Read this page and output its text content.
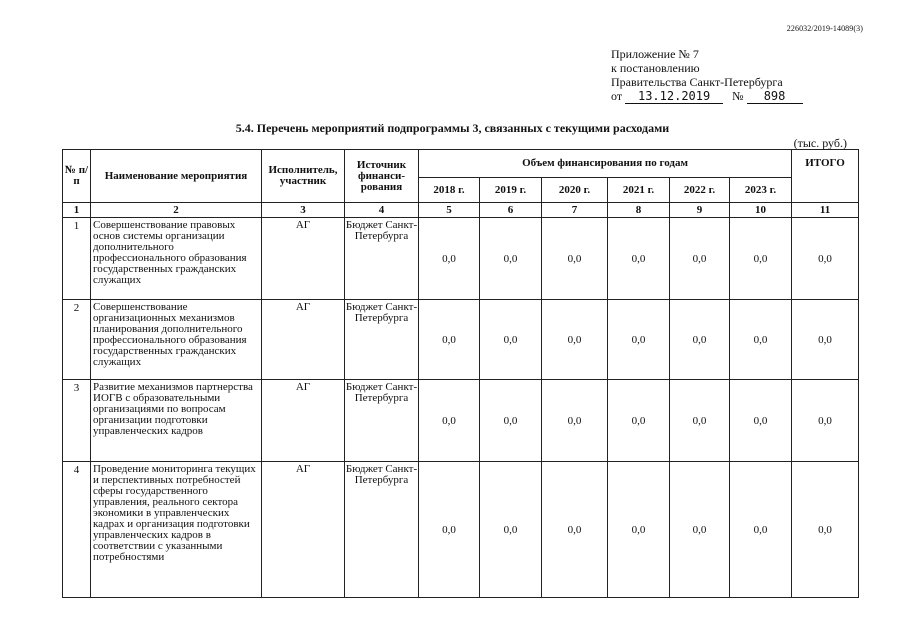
226032/2019-14089(3)
Приложение № 7
к постановлению
Правительства Санкт-Петербурга
от 13.12.2019 № 898
5.4. Перечень мероприятий подпрограммы 3, связанных с текущими расходами
(тыс. руб.)
№ п/п	Наименование мероприятия	Исполнитель, участник	Источник финанси-рования	Объем финансирования по годам						ИТОГО
				2018 г.	2019 г.	2020 г.	2021 г.	2022 г.	2023 г.	
1	2	3	4	5	6	7	8	9	10	11
1	Совершенствование правовых основ системы организации дополнительного профессионального образования государственных гражданских служащих	АГ	Бюджет Санкт-Петербурга	0,0	0,0	0,0	0,0	0,0	0,0	0,0
2	Совершенствование организационных механизмов планирования дополнительного профессионального образования государственных гражданских служащих	АГ	Бюджет Санкт-Петербурга	0,0	0,0	0,0	0,0	0,0	0,0	0,0
3	Развитие механизмов партнерства ИОГВ с образовательными организациями по вопросам организации подготовки управленческих кадров	АГ	Бюджет Санкт-Петербурга	0,0	0,0	0,0	0,0	0,0	0,0	0,0
4	Проведение мониторинга текущих и перспективных потребностей сферы государственного управления, реального сектора экономики в управленческих кадрах и организация подготовки управленческих кадров в соответствии с указанными потребностями	АГ	Бюджет Санкт-Петербурга	0,0	0,0	0,0	0,0	0,0	0,0	0,0
